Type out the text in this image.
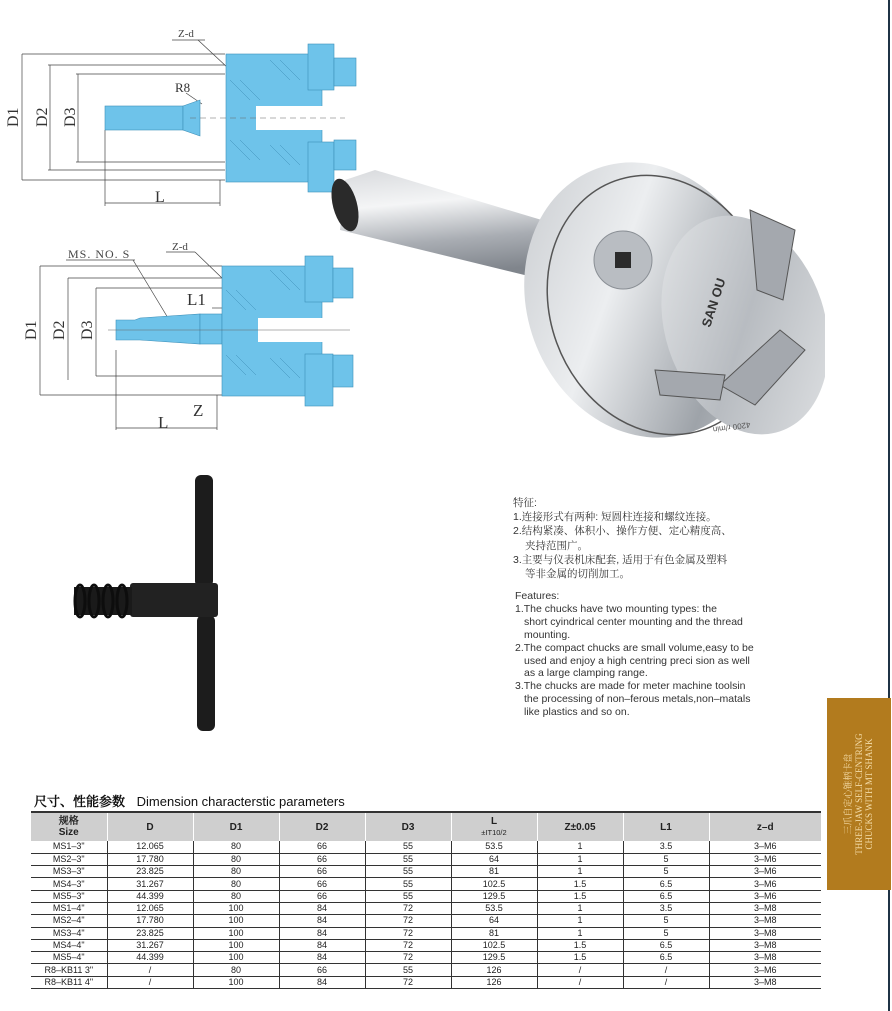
Z-d
R8
D1 D2 D3
L
MS. NO. S	Z-d
L1
D1 D2 D3
Z
L
SAN OU
4200 r/min
特征:
1.连接形式有两种: 短圆柱连接和螺纹连接。
2.结构紧凑、体积小、操作方便、定心精度高、
夹持范围广。
3.主要与仪表机床配套, 适用于有色金属及塑料
等非金属的切削加工。
Features:
1.The chucks have two mounting types: the
short cyindrical center mounting and the thread
mounting.
2.The compact chucks are small volume,easy to be
used and enjoy a high centring preci sion as well
as a large clamping range.
3.The chucks are made for meter machine toolsin
the processing of non–ferous metals,non–matals
like plastics and so on.
三爪自定心锥柄卡盘 THREE-JAW SELF-CENTRING CHUCKS WITH MT SHANK
尺寸、性能参数 Dimension characterstic parameters
规格
Size	D	D1	D2	D3	L
±IT10/2	Z±0.05	L1	z–d
MS1–3"	12.065	80	66	55	53.5	1	3.5	3–M6
MS2–3"	17.780	80	66	55	64	1	5	3–M6
MS3–3"	23.825	80	66	55	81	1	5	3–M6
MS4–3"	31.267	80	66	55	102.5	1.5	6.5	3–M6
MS5–3"	44.399	80	66	55	129.5	1.5	6.5	3–M6
MS1–4"	12.065	100	84	72	53.5	1	3.5	3–M8
MS2–4"	17.780	100	84	72	64	1	5	3–M8
MS3–4"	23.825	100	84	72	81	1	5	3–M8
MS4–4"	31.267	100	84	72	102.5	1.5	6.5	3–M8
MS5–4"	44.399	100	84	72	129.5	1.5	6.5	3–M8
R8–KB11 3"	/	80	66	55	126	/	/	3–M6
R8–KB11 4"	/	100	84	72	126	/	/	3–M8
